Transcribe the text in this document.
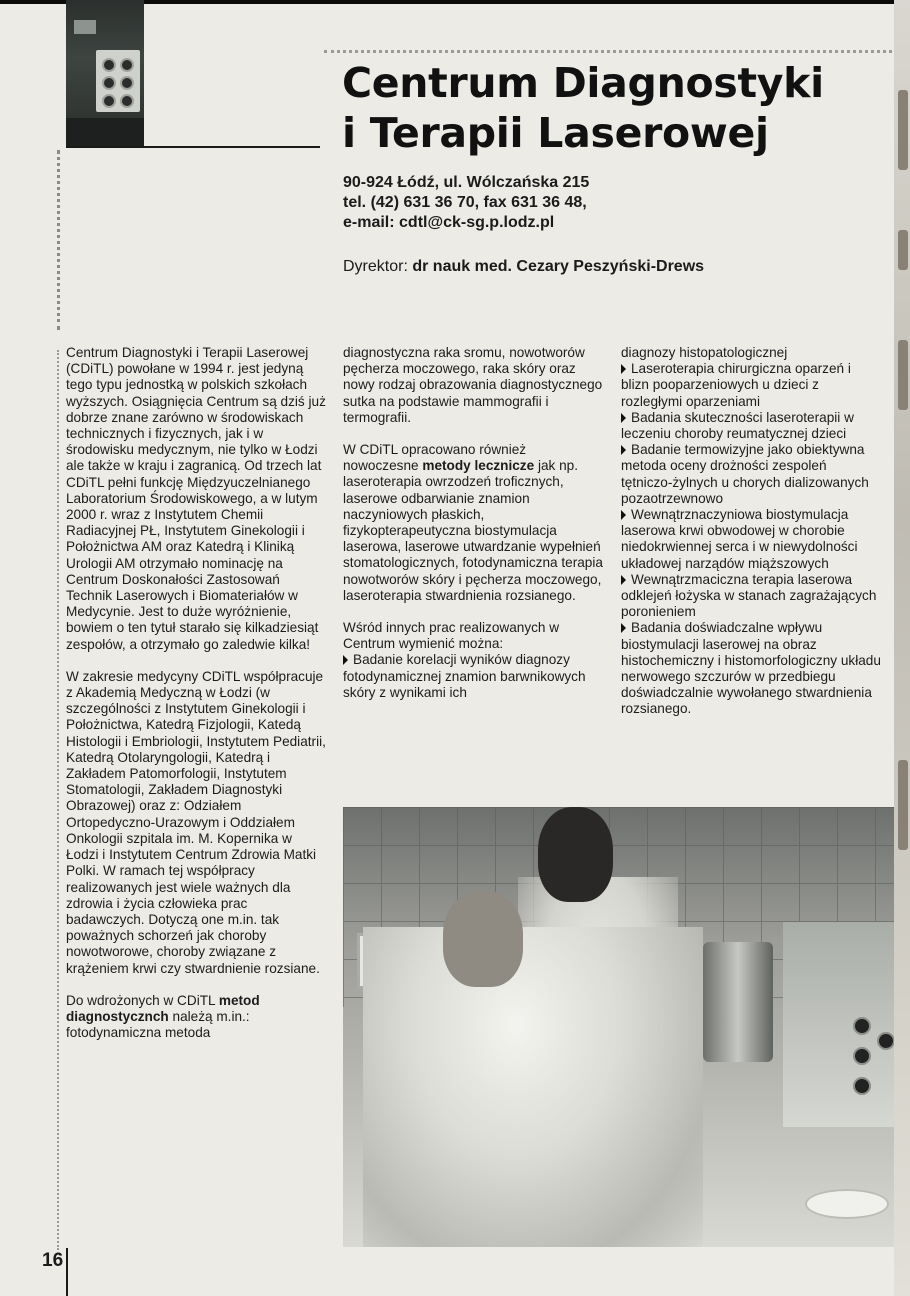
Centrum Diagnostyki
i Terapii Laserowej
90-924 Łódź, ul. Wólczańska 215
tel. (42) 631 36 70, fax 631 36 48,
e-mail: cdtl@ck-sg.p.lodz.pl
Dyrektor: dr nauk med. Cezary Peszyński-Drews

Centrum Diagnostyki i Terapii Laserowej (CDiTL) powołane w 1994 r. jest jedyną tego typu jednostką w polskich szkołach wyższych. Osiągnięcia Centrum są dziś już dobrze znane zarówno w środowiskach technicznych i fizycznych, jak i w środowisku medycznym, nie tylko w Łodzi ale także w kraju i zagranicą. Od trzech lat CDiTL pełni funkcję Międzyuczelnianego Laboratorium Środowiskowego, a w lutym 2000 r. wraz z Instytutem Chemii Radiacyjnej PŁ, Instytutem Ginekologii i Położnictwa AM oraz Katedrą i Kliniką Urologii AM otrzymało nominację na Centrum Doskonałości Zastosowań Technik Laserowych i Biomateriałów w Medycynie. Jest to duże wyróżnienie, bowiem o ten tytuł starało się kilkadziesiąt zespołów, a otrzymało go zaledwie kilka!

W zakresie medycyny CDiTL współpracuje z Akademią Medyczną w Łodzi (w szczególności z Instytutem Ginekologii i Położnictwa, Katedrą Fizjologii, Katedą Histologii i Embriologii, Instytutem Pediatrii, Katedrą Otolaryngologii, Katedrą i Zakładem Patomorfologii, Instytutem Stomatologii, Zakładem Diagnostyki Obrazowej) oraz z: Odziałem Ortopedyczno-Urazowym i Oddziałem Onkologii szpitala im. M. Kopernika w Łodzi i Instytutem Centrum Zdrowia Matki Polki. W ramach tej współpracy realizowanych jest wiele ważnych dla zdrowia i życia człowieka prac badawczych. Dotyczą one m.in. tak poważnych schorzeń jak choroby nowotworowe, choroby związane z krążeniem krwi czy stwardnienie rozsiane.

Do wdrożonych w CDiTL metod diagnostycznch należą m.in.: fotodynamiczna metoda

diagnostyczna raka sromu, nowotworów pęcherza moczowego, raka skóry oraz nowy rodzaj obrazowania diagnostycznego sutka na podstawie mammografii i termografii.

W CDiTL opracowano również nowoczesne metody lecznicze jak np. laseroterapia owrzodzeń troficznych, laserowe odbarwianie znamion naczyniowych płaskich, fizykopterapeutyczna biostymulacja laserowa, laserowe utwardzanie wypełnień stomatologicznych, fotodynamiczna terapia nowotworów skóry i pęcherza moczowego, laseroterapia stwardnienia rozsianego.

Wśród innych prac realizowanych w Centrum wymienić można:
Badanie korelacji wyników diagnozy fotodynamicznej znamion barwnikowych skóry z wynikami ich

diagnozy histopatologicznej
Laseroterapia chirurgiczna oparzeń i blizn pooparzeniowych u dzieci z rozległymi oparzeniami
Badania skuteczności laseroterapii w leczeniu choroby reumatycznej dzieci
Badanie termowizyjne jako obiektywna metoda oceny drożności zespoleń tętniczo-żylnych u chorych dializowanych pozaotrzewnowo
Wewnątrznaczyniowa biostymulacja laserowa krwi obwodowej w chorobie niedokrwiennej serca i w niewydolności układowej narządów miąższowych
Wewnątrzmaciczna terapia laserowa odklejeń łożyska w stanach zagrażających poronieniem
Badania doświadczalne wpływu biostymulacji laserowej na obraz histochemiczny i histomorfologiczny układu nerwowego szczurów w przedbiegu doświadczalnie wywołanego stwardnienia rozsianego.
16
